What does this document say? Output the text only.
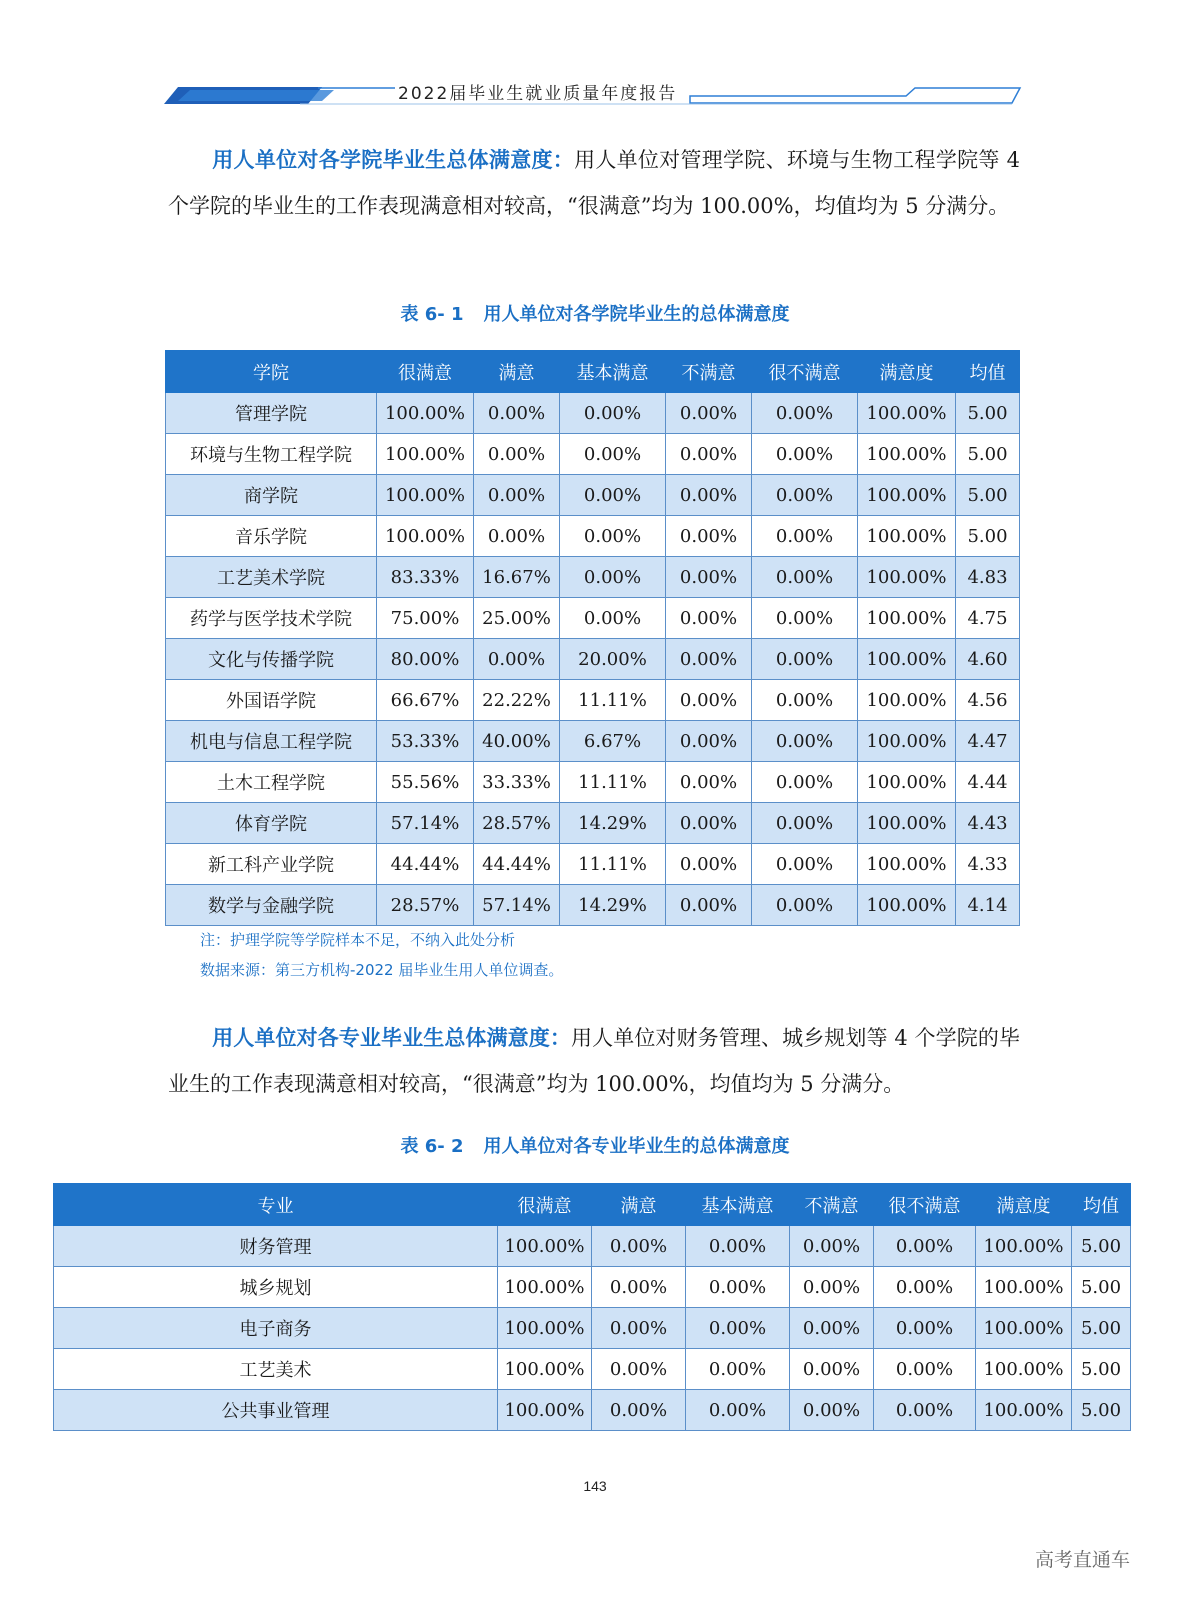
2022届毕业生就业质量年度报告
用人单位对各学院毕业生总体满意度：用人单位对管理学院、环境与生物工程学院等 4 个学院的毕业生的工作表现满意相对较高，“很满意”均为 100.00%，均值均为 5 分满分。
表 6- 1 用人单位对各学院毕业生的总体满意度
学院	很满意	满意	基本满意	不满意	很不满意	满意度	均值
管理学院	100.00%	0.00%	0.00%	0.00%	0.00%	100.00%	5.00
环境与生物工程学院	100.00%	0.00%	0.00%	0.00%	0.00%	100.00%	5.00
商学院	100.00%	0.00%	0.00%	0.00%	0.00%	100.00%	5.00
音乐学院	100.00%	0.00%	0.00%	0.00%	0.00%	100.00%	5.00
工艺美术学院	83.33%	16.67%	0.00%	0.00%	0.00%	100.00%	4.83
药学与医学技术学院	75.00%	25.00%	0.00%	0.00%	0.00%	100.00%	4.75
文化与传播学院	80.00%	0.00%	20.00%	0.00%	0.00%	100.00%	4.60
外国语学院	66.67%	22.22%	11.11%	0.00%	0.00%	100.00%	4.56
机电与信息工程学院	53.33%	40.00%	6.67%	0.00%	0.00%	100.00%	4.47
土木工程学院	55.56%	33.33%	11.11%	0.00%	0.00%	100.00%	4.44
体育学院	57.14%	28.57%	14.29%	0.00%	0.00%	100.00%	4.43
新工科产业学院	44.44%	44.44%	11.11%	0.00%	0.00%	100.00%	4.33
数学与金融学院	28.57%	57.14%	14.29%	0.00%	0.00%	100.00%	4.14
注：护理学院等学院样本不足，不纳入此处分析
数据来源：第三方机构-2022 届毕业生用人单位调查。
用人单位对各专业毕业生总体满意度：用人单位对财务管理、城乡规划等 4 个学院的毕业生的工作表现满意相对较高，“很满意”均为 100.00%，均值均为 5 分满分。
表 6- 2 用人单位对各专业毕业生的总体满意度
专业	很满意	满意	基本满意	不满意	很不满意	满意度	均值
财务管理	100.00%	0.00%	0.00%	0.00%	0.00%	100.00%	5.00
城乡规划	100.00%	0.00%	0.00%	0.00%	0.00%	100.00%	5.00
电子商务	100.00%	0.00%	0.00%	0.00%	0.00%	100.00%	5.00
工艺美术	100.00%	0.00%	0.00%	0.00%	0.00%	100.00%	5.00
公共事业管理	100.00%	0.00%	0.00%	0.00%	0.00%	100.00%	5.00
143
高考直通车
